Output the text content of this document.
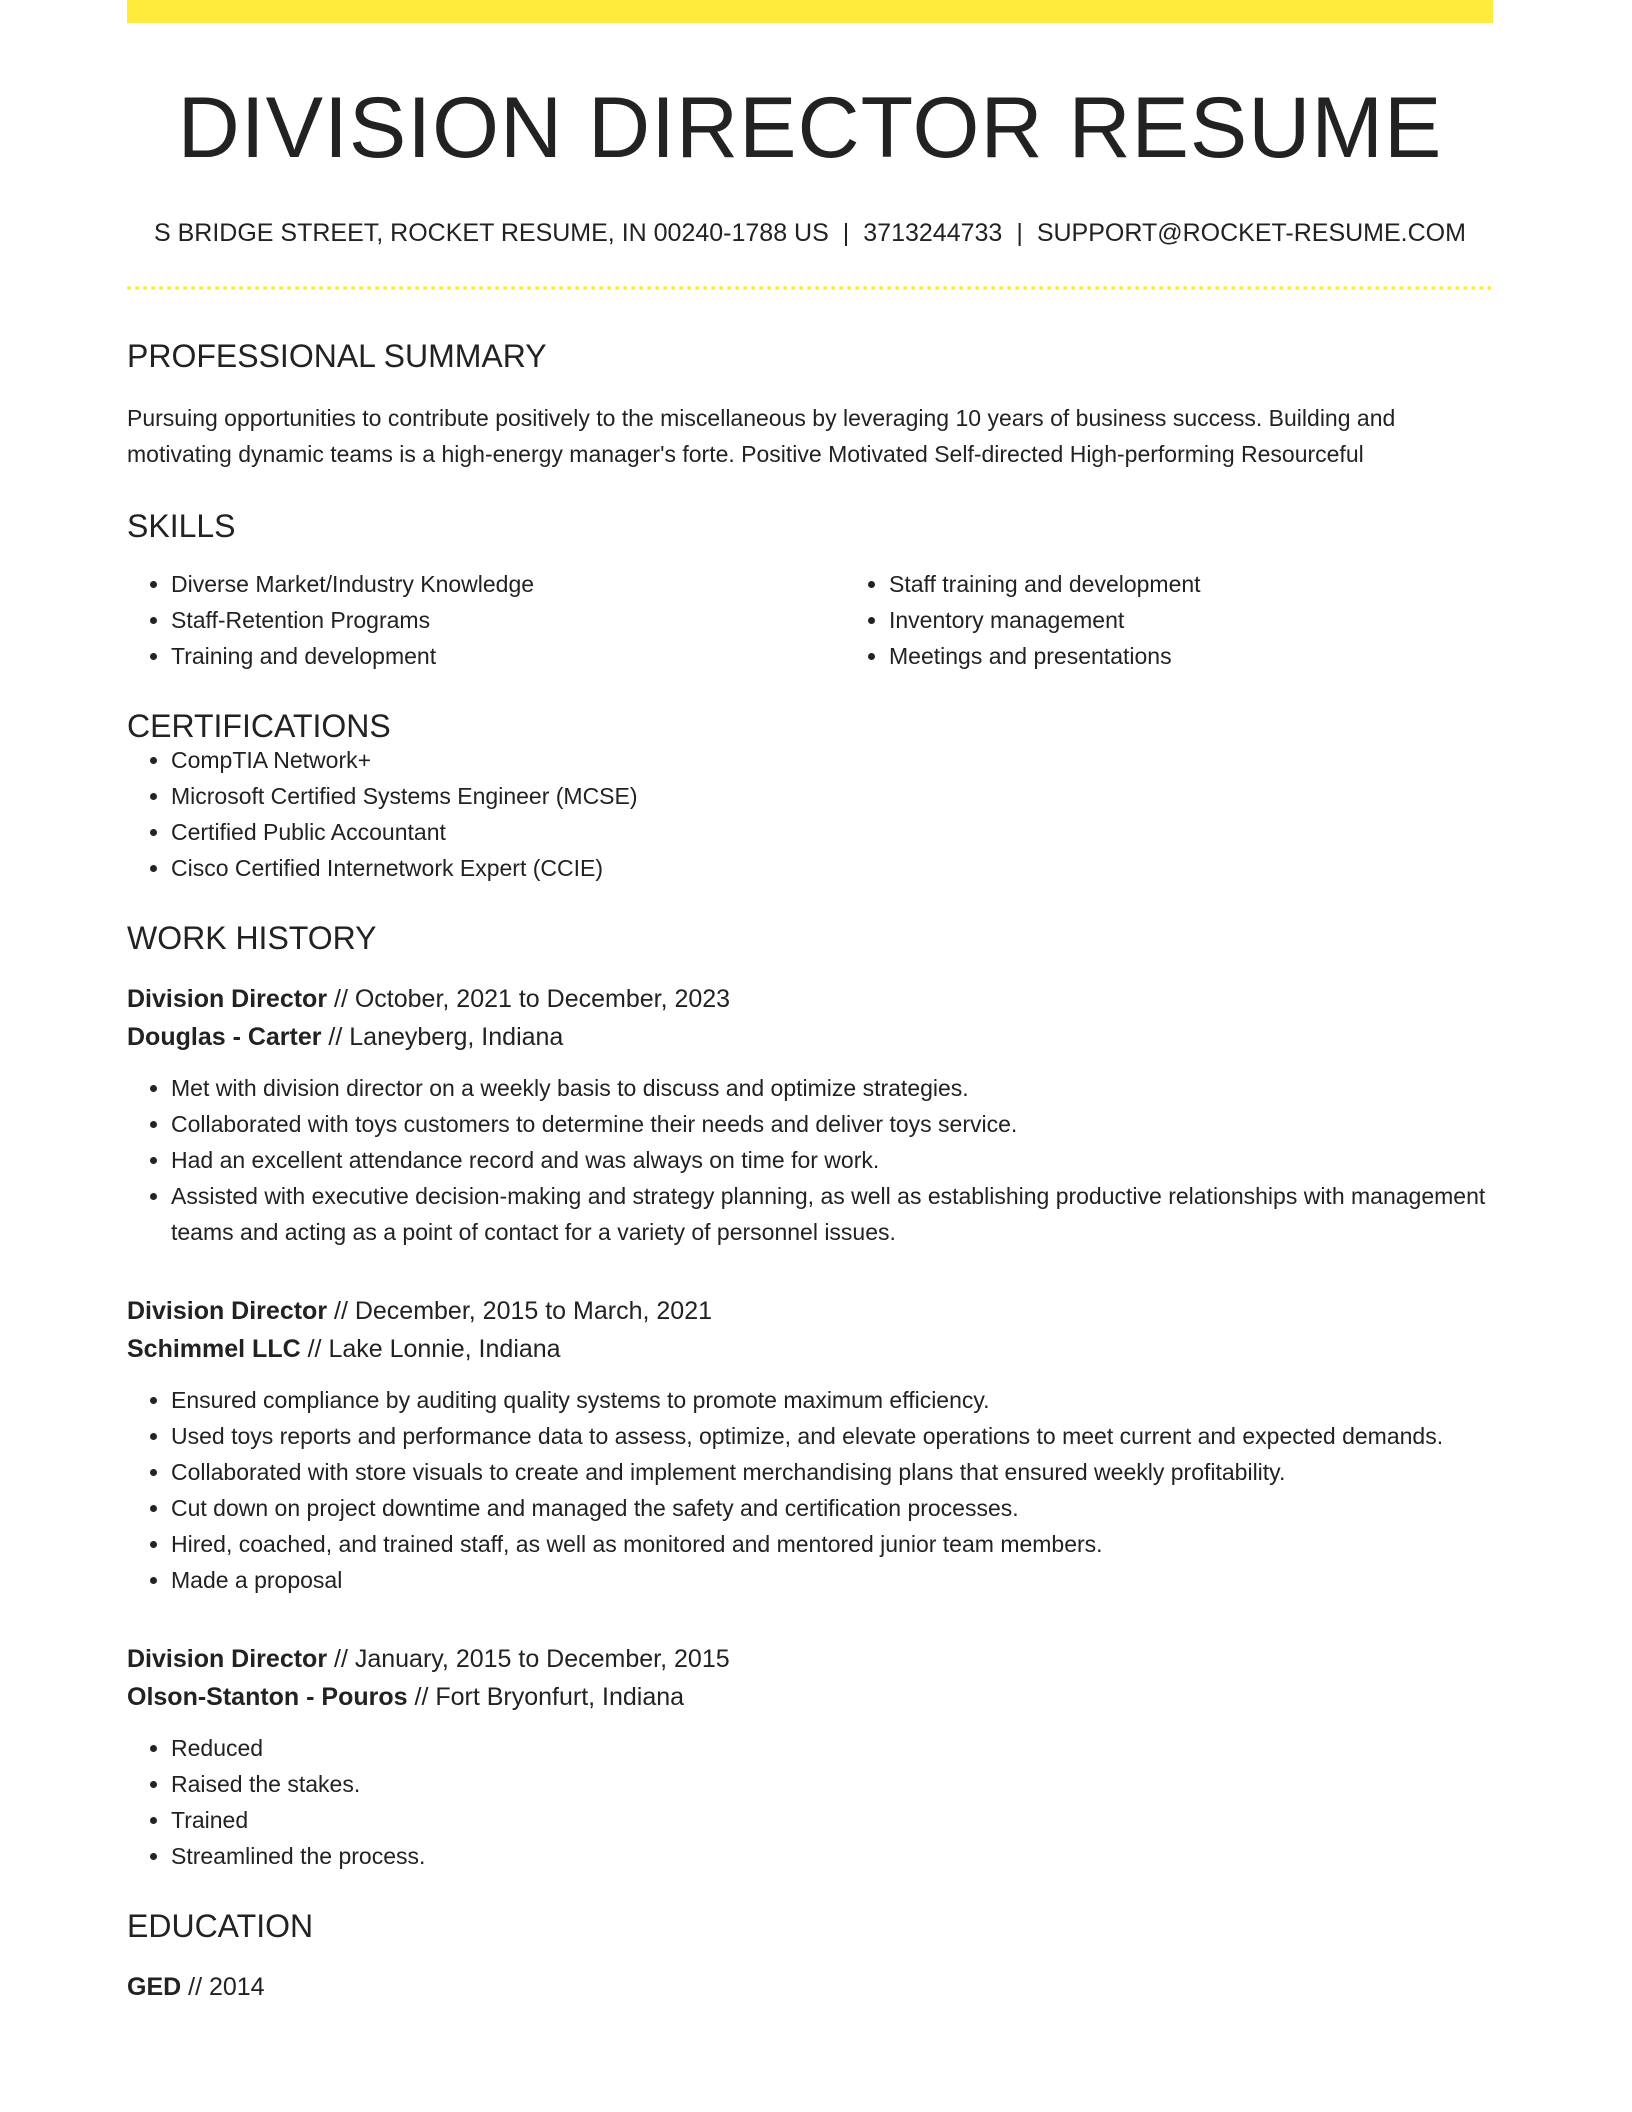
DIVISION DIRECTOR RESUME
S BRIDGE STREET, ROCKET RESUME, IN 00240-1788 US | 3713244733 | SUPPORT@ROCKET-RESUME.COM
PROFESSIONAL SUMMARY

Pursuing opportunities to contribute positively to the miscellaneous by leveraging 10 years of business success. Building and motivating dynamic teams is a high-energy manager's forte. Positive Motivated Self-directed High-performing Resourceful

SKILLS
• Diverse Market/Industry Knowledge
• Staff-Retention Programs
• Training and development
• Staff training and development
• Inventory management
• Meetings and presentations
CERTIFICATIONS
• CompTIA Network+
• Microsoft Certified Systems Engineer (MCSE)
• Certified Public Accountant
• Cisco Certified Internetwork Expert (CCIE)
WORK HISTORY
Division Director // October, 2021 to December, 2023
Douglas - Carter // Laneyberg, Indiana
• Met with division director on a weekly basis to discuss and optimize strategies.
• Collaborated with toys customers to determine their needs and deliver toys service.
• Had an excellent attendance record and was always on time for work.
• Assisted with executive decision-making and strategy planning, as well as establishing productive relationships with management teams and acting as a point of contact for a variety of personnel issues.
Division Director // December, 2015 to March, 2021
Schimmel LLC // Lake Lonnie, Indiana
• Ensured compliance by auditing quality systems to promote maximum efficiency.
• Used toys reports and performance data to assess, optimize, and elevate operations to meet current and expected demands.
• Collaborated with store visuals to create and implement merchandising plans that ensured weekly profitability.
• Cut down on project downtime and managed the safety and certification processes.
• Hired, coached, and trained staff, as well as monitored and mentored junior team members.
• Made a proposal
Division Director // January, 2015 to December, 2015
Olson-Stanton - Pouros // Fort Bryonfurt, Indiana
• Reduced
• Raised the stakes.
• Trained
• Streamlined the process.
EDUCATION
GED // 2014
